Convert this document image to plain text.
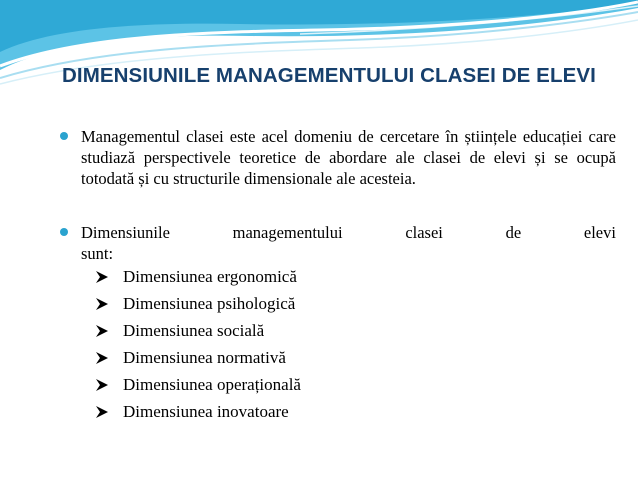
DIMENSIUNILE MANAGEMENTULUI CLASEI DE ELEVI
Managementul clasei este acel domeniu de cercetare în științele educației care studiază perspectivele teoretice de abordare ale clasei de elevi și se ocupă totodată și cu structurile dimensionale ale acesteia.
Dimensiunile	managementului	clasei	de	elevi
sunt:
Dimensiunea ergonomică
Dimensiunea psihologică
Dimensiunea socială
Dimensiunea normativă
Dimensiunea operațională
Dimensiunea inovatoare
